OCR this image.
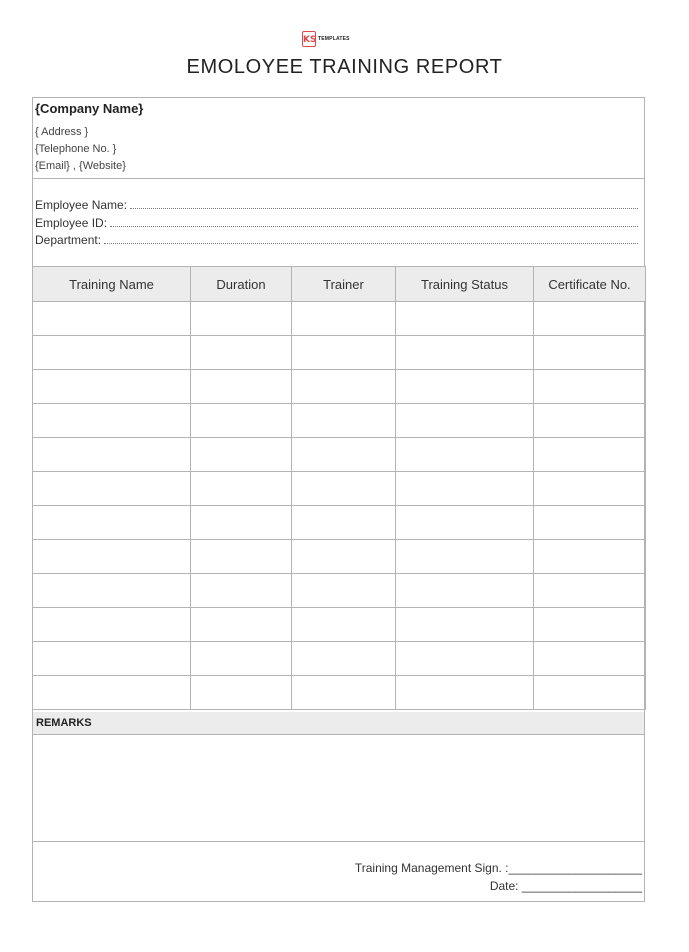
KS TEMPLATES
EMOLOYEE TRAINING REPORT
{Company Name}
{ Address }
{Telephone No. }
{Email} , {Website}
Employee Name:
Employee ID:
Department:
Training Name	Duration	Trainer	Training Status	Certificate No.

REMARKS
Training Management Sign. :____________________
Date: __________________
